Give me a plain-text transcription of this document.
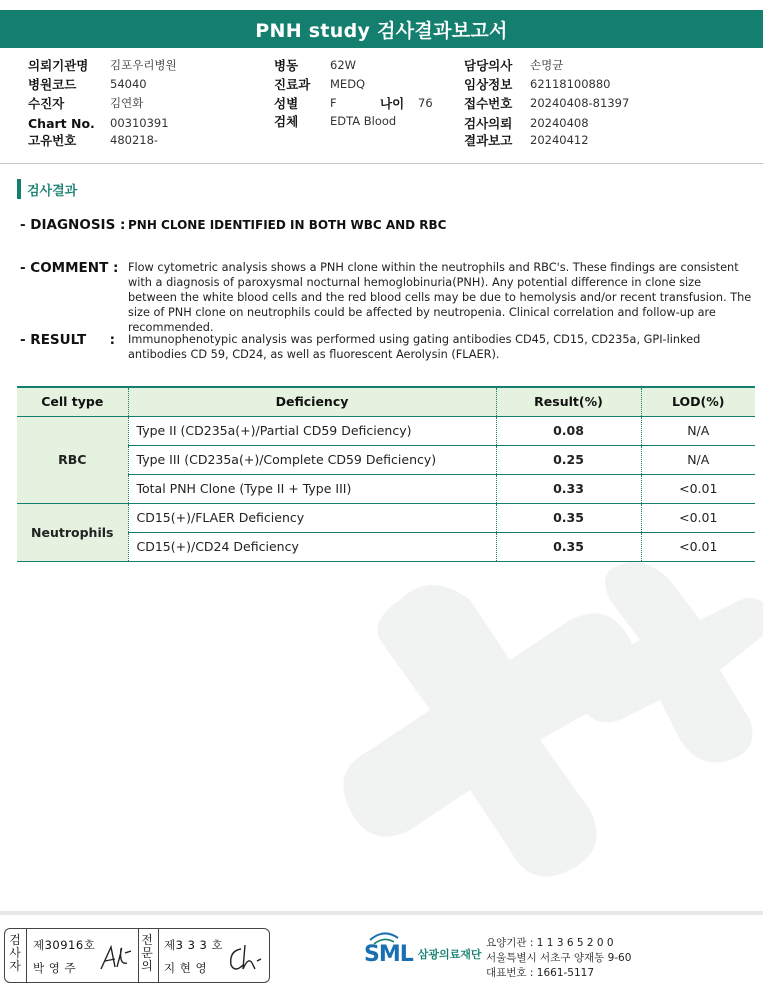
PNH study 검사결과보고서
의뢰기관명	김포우리병원
병원코드	54040
수진자	김연화
Chart No.	00310391
고유번호	480218-
병동	62W
진료과	MEDQ
성별	F	나이	76
검체	EDTA Blood
담당의사	손명균
임상정보	62118100880
접수번호	20240408-81397
검사의뢰	20240408
결과보고	20240412
검사결과
- DIAGNOSIS : PNH CLONE IDENTIFIED IN BOTH WBC AND RBC
- COMMENT : Flow cytometric analysis shows a PNH clone within the neutrophils and RBC's. These findings are consistent with a diagnosis of paroxysmal nocturnal hemoglobinuria(PNH). Any potential difference in clone size between the white blood cells and the red blood cells may be due to hemolysis and/or recent transfusion. The size of PNH clone on neutrophils could be affected by neutropenia. Clinical correlation and follow-up are recommended.
- RESULT     : Immunophenotypic analysis was performed using gating antibodies CD45, CD15, CD235a, GPI-linked antibodies CD 59, CD24, as well as fluorescent Aerolysin (FLAER).
Cell type	Deficiency	Result(%)	LOD(%)
RBC	Type II (CD235a(+)/Partial CD59 Deficiency)	0.08	N/A
	Type III (CD235a(+)/Complete CD59 Deficiency)	0.25	N/A
	Total PNH Clone (Type II + Type III)	0.33	<0.01
Neutrophils	CD15(+)/FLAER Deficiency	0.35	<0.01
	CD15(+)/CD24 Deficiency	0.35	<0.01
검사자
제30916호
박 영 주
전문의
제3 3 3 호
지 현 영
SML 삼광의료재단
요양기관 : 1 1 3 6 5 2 0 0
서울특별시 서초구 양재동 9-60
대표번호 : 1661-5117
